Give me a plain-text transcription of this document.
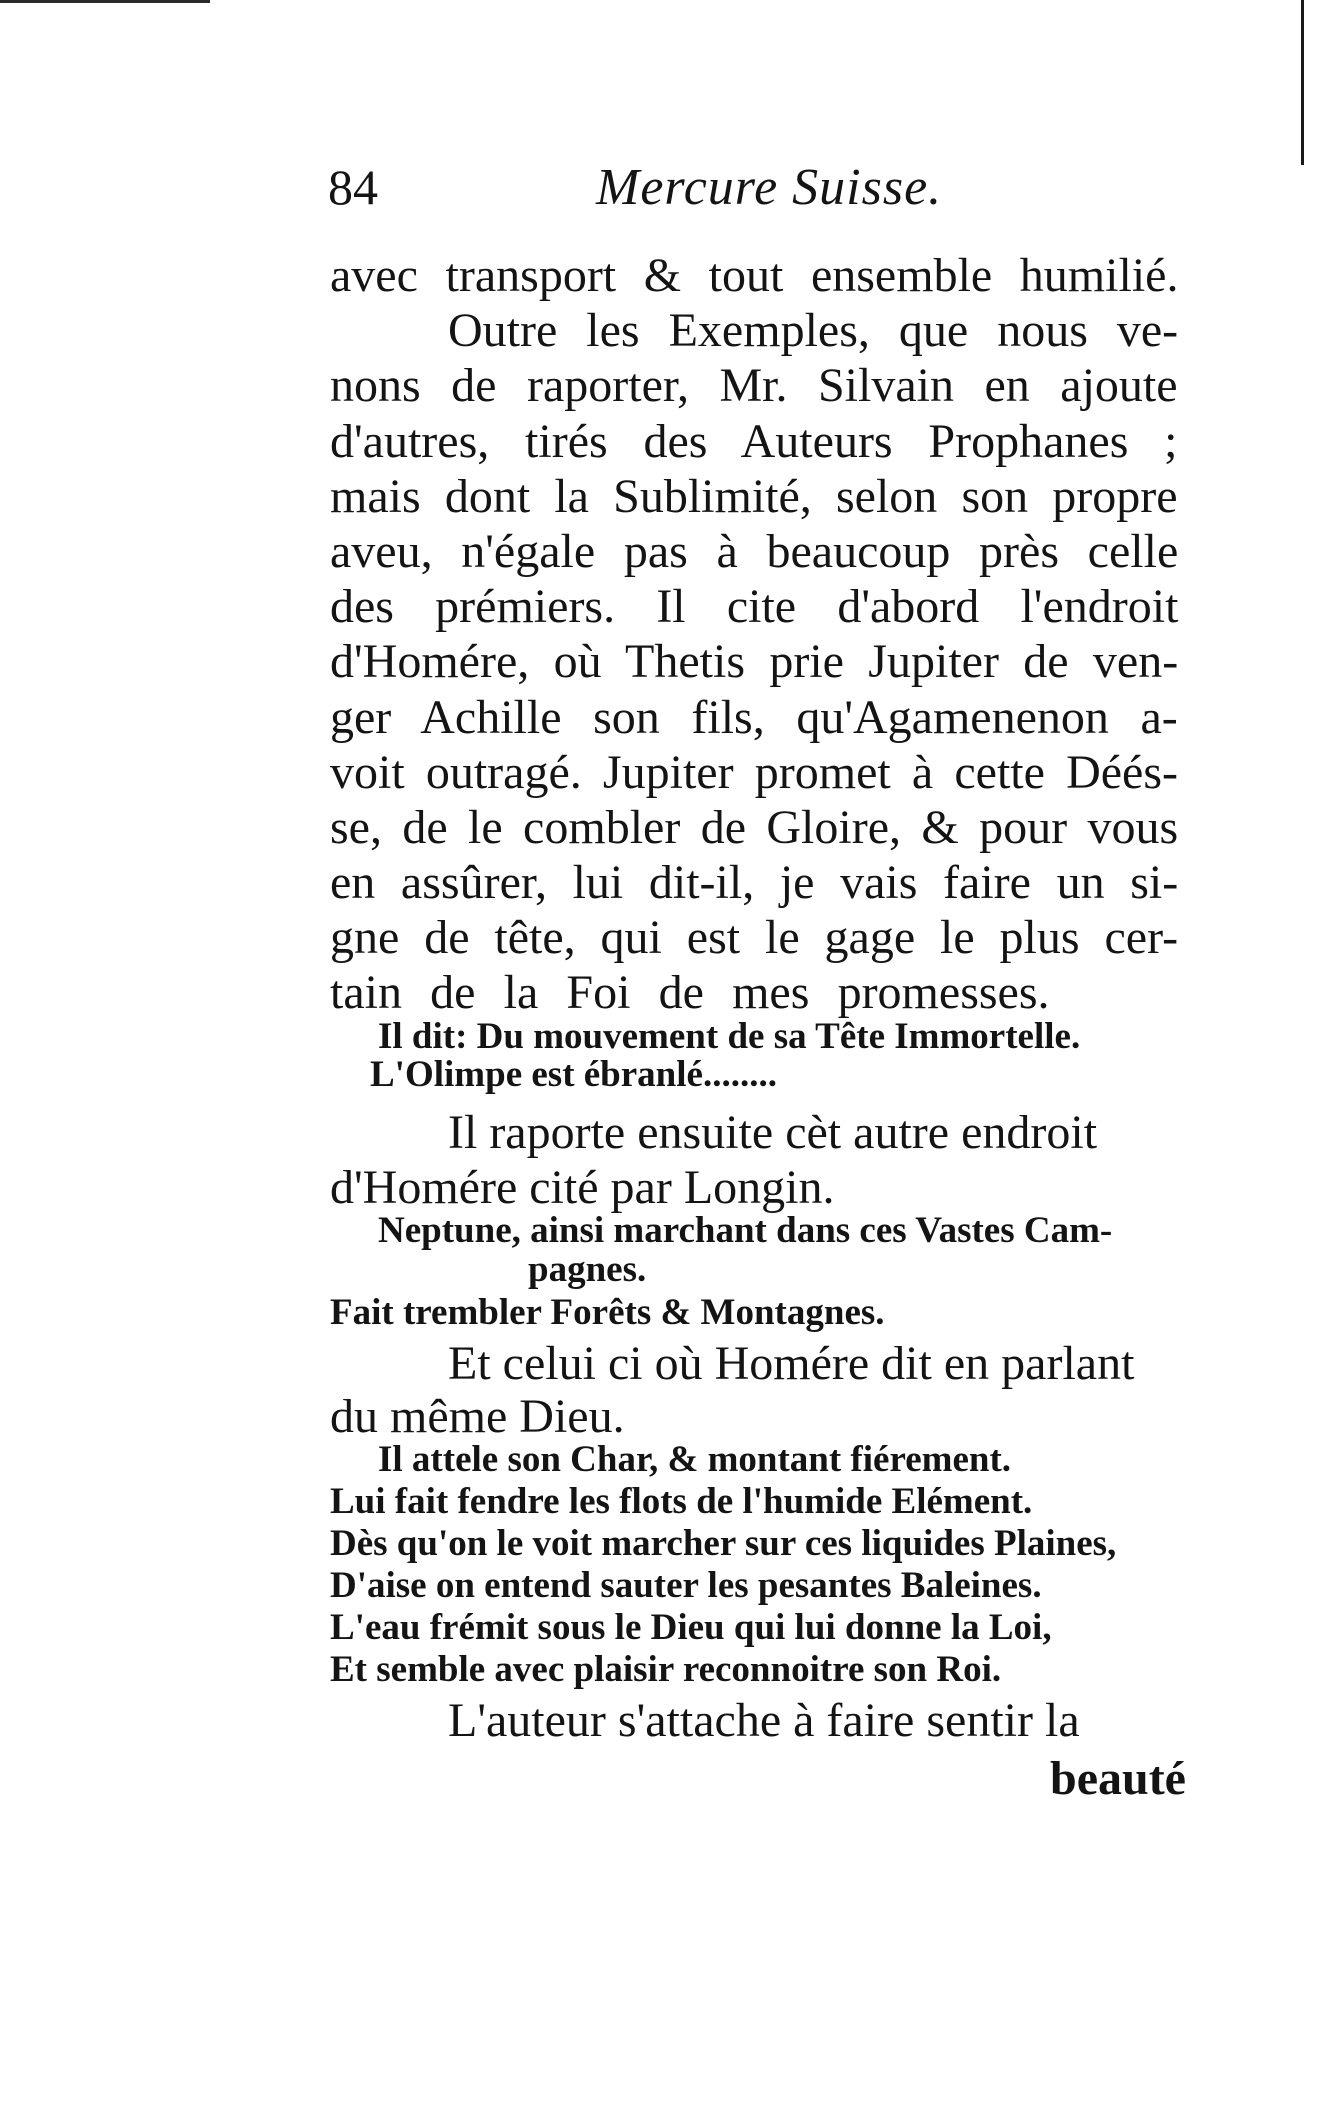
84	Mercure Suisse.
avec transport & tout ensemble humilié.
Outre les Exemples, que nous ve-
nons de raporter, Mr. Silvain en ajoute
d'autres, tirés des Auteurs Prophanes ;
mais dont la Sublimité, selon son propre
aveu, n'égale pas à beaucoup près celle
des prémiers. Il cite d'abord l'endroit
d'Homére, où Thetis prie Jupiter de ven-
ger Achille son fils, qu'Agamenenon a-
voit outragé. Jupiter promet à cette Déés-
se, de le combler de Gloire, & pour vous
en assûrer, lui dit-il, je vais faire un si-
gne de tête, qui est le gage le plus cer-
tain de la Foi de mes promesses.
Il dit: Du mouvement de sa Tête Immortelle.
L'Olimpe est ébranlé........
Il raporte ensuite cèt autre endroit
d'Homére cité par Longin.
Neptune, ainsi marchant dans ces Vastes Cam-
pagnes.
Fait trembler Forêts & Montagnes.
Et celui ci où Homére dit en parlant
du même Dieu.
Il attele son Char, & montant fiérement.
Lui fait fendre les flots de l'humide Elément.
Dès qu'on le voit marcher sur ces liquides Plaines,
D'aise on entend sauter les pesantes Baleines.
L'eau frémit sous le Dieu qui lui donne la Loi,
Et semble avec plaisir reconnoitre son Roi.
L'auteur s'attache à faire sentir la
beauté
